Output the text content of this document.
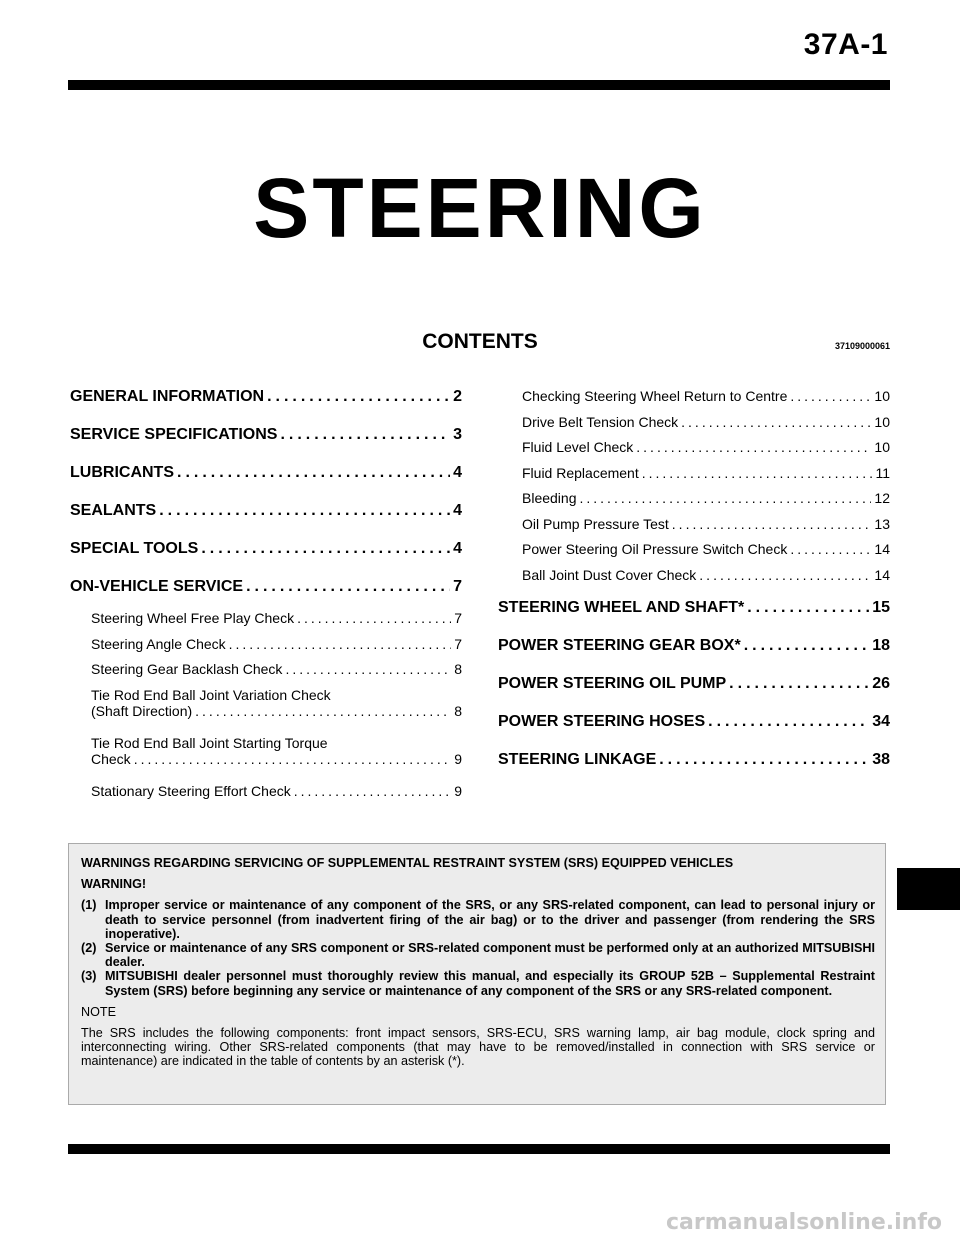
37A-1
STEERING
CONTENTS	37109000061
GENERAL INFORMATION .....	2
SERVICE SPECIFICATIONS .....	3
LUBRICANTS .....	4
SEALANTS .....	4
SPECIAL TOOLS .....	4
ON-VEHICLE SERVICE .....	7
Steering Wheel Free Play Check .....	7
Steering Angle Check .....	7
Steering Gear Backlash Check .....	8
Tie Rod End Ball Joint Variation Check
(Shaft Direction) .....	8
Tie Rod End Ball Joint Starting Torque
Check .....	9
Stationary Steering Effort Check .....	9
Checking Steering Wheel Return to Centre .....	10
Drive Belt Tension Check .....	10
Fluid Level Check .....	10
Fluid Replacement .....	11
Bleeding .....	12
Oil Pump Pressure Test .....	13
Power Steering Oil Pressure Switch Check .....	14
Ball Joint Dust Cover Check .....	14
STEERING WHEEL AND SHAFT* .....	15
POWER STEERING GEAR BOX* .....	18
POWER STEERING OIL PUMP .....	26
POWER STEERING HOSES .....	34
STEERING LINKAGE .....	38

WARNINGS REGARDING SERVICING OF SUPPLEMENTAL RESTRAINT SYSTEM (SRS) EQUIPPED VEHICLES

WARNING!

(1) Improper service or maintenance of any component of the SRS, or any SRS-related component, can lead to personal injury or death to service personnel (from inadvertent firing of the air bag) or to the driver and passenger (from rendering the SRS inoperative).
(2) Service or maintenance of any SRS component or SRS-related component must be performed only at an authorized MITSUBISHI dealer.
(3) MITSUBISHI dealer personnel must thoroughly review this manual, and especially its GROUP 52B – Supplemental Restraint System (SRS) before beginning any service or maintenance of any component of the SRS or any SRS-related component.

NOTE

The SRS includes the following components: front impact sensors, SRS-ECU, SRS warning lamp, air bag module, clock spring and interconnecting wiring. Other SRS-related components (that may have to be removed/installed in connection with SRS service or maintenance) are indicated in the table of contents by an asterisk (*).
carmanualsonline.info
